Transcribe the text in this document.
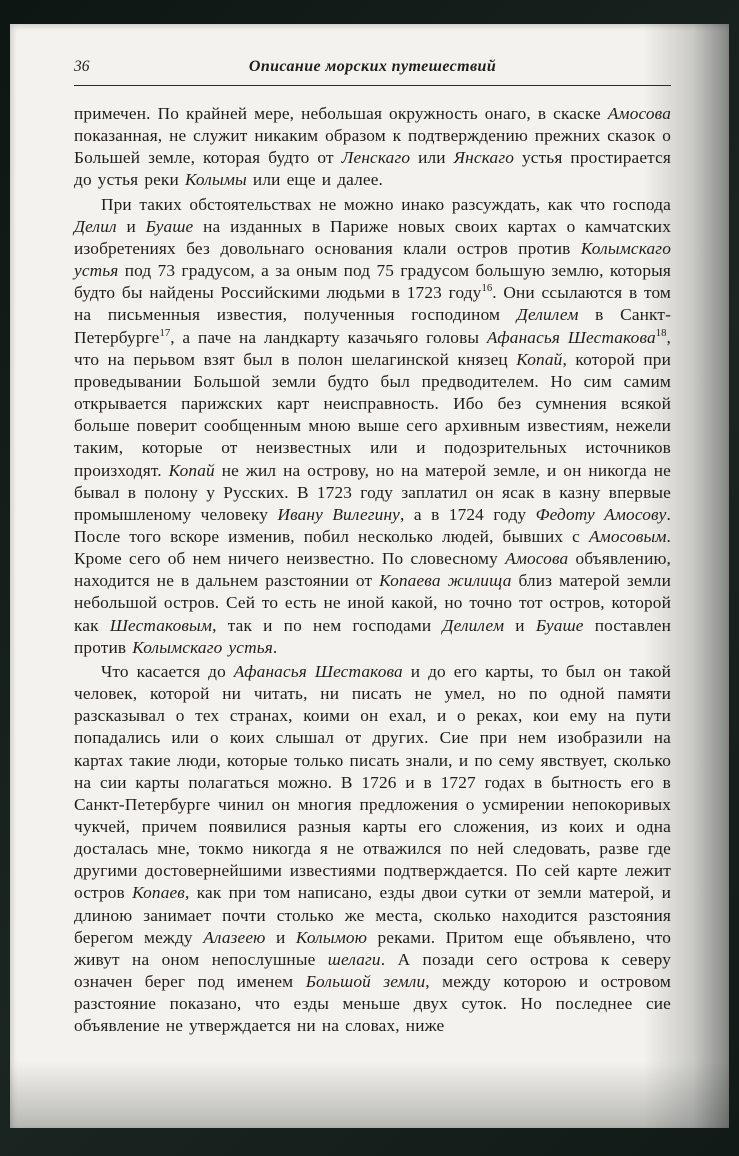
36	Описание морских путешествий

примечен. По крайней мере, небольшая окружность онаго, в скаске Амосова показанная, не служит никаким образом к подтверждению прежних сказок о Большей земле, которая будто от Ленскаго или Янскаго устья простирается до устья реки Колымы или еще и далее.

При таких обстоятельствах не можно инако разсуждать, как что господа Делил и Буаше на изданных в Париже новых своих картах о камчатских изобретениях без довольнаго основания клали остров против Колымскаго устья под 73 градусом, а за оным под 75 градусом большую землю, которыя будто бы найдены Российскими людьми в 1723 году$^{16}$. Они ссылаются в том на письменныя известия, полученныя господином Делилем в Санкт-Петербурге$^{17}$, а паче на ландкарту казачьяго головы Афанасья Шестакова$^{18}$, что на перьвом взят был в полон шелагинской князец Копай, которой при проведывании Большой земли будто был предводителем. Но сим самим открывается парижских карт неисправность. Ибо без сумнения всякой больше поверит сообщенным мною выше сего архивным известиям, нежели таким, которые от неизвестных или и подозрительных источников произходят. Копай не жил на острову, но на матерой земле, и он никогда не бывал в полону у Русских. В 1723 году заплатил он ясак в казну впервые промышленому человеку Ивану Вилегину, а в 1724 году Федоту Амосову. После того вскоре изменив, побил несколько людей, бывших с Амосовым. Кроме сего об нем ничего неизвестно. По словесному Амосова объявлению, находится не в дальнем разстоянии от Копаева жилища близ матерой земли небольшой остров. Сей то есть не иной какой, но точно тот остров, которой как Шестаковым, так и по нем господами Делилем и Буаше поставлен против Колымскаго устья.

Что касается до Афанасья Шестакова и до его карты, то был он такой человек, которой ни читать, ни писать не умел, но по одной памяти разсказывал о тех странах, коими он ехал, и о реках, кои ему на пути попадались или о коих слышал от других. Сие при нем изобразили на картах такие люди, которые только писать знали, и по сему явствует, сколько на сии карты полагаться можно. В 1726 и в 1727 годах в бытность его в Санкт-Петербурге чинил он многия предложения о усмирении непокоривых чукчей, причем появилися разныя карты его сложения, из коих и одна досталась мне, токмо никогда я не отважился по ней следовать, разве где другими достовернейшими известиями подтверждается. По сей карте лежит остров Копаев, как при том написано, езды двои сутки от земли матерой, и длиною занимает почти столько же места, сколько находится разстояния берегом между Алазеею и Колымою реками. Притом еще объявлено, что живут на оном непослушные шелаги. А позади сего острова к северу означен берег под именем Большой земли, между которою и островом разстояние показано, что езды меньше двух суток. Но последнее сие объявление не утверждается ни на словах, ниже
